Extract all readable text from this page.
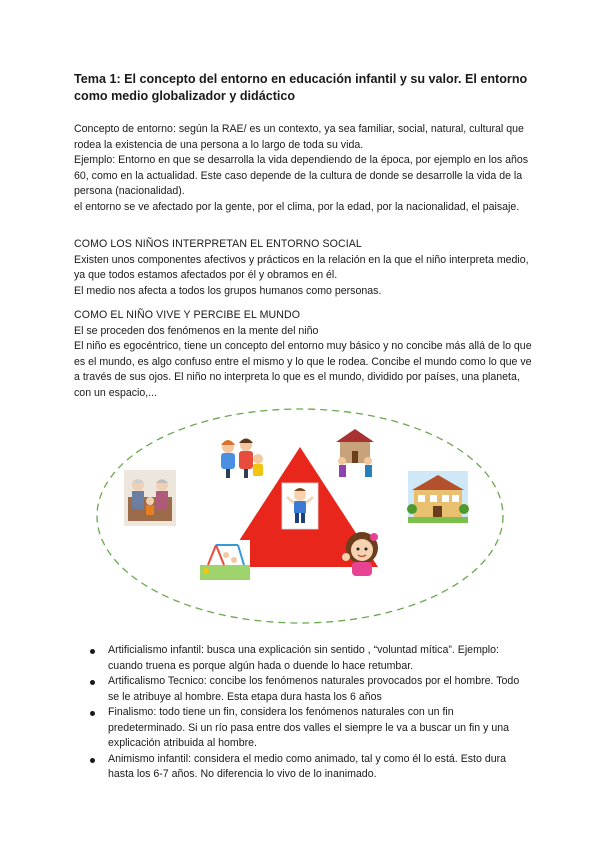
Tema 1: El concepto del entorno en educación infantil y su valor. El entorno como medio globalizador y didáctico

Concepto de entorno: según la RAE/ es un contexto, ya sea familiar, social, natural, cultural que rodea la existencia de una persona a lo largo de toda su vida.

Ejemplo: Entorno en que se desarrolla la vida dependiendo de la época, por ejemplo en los años 60, como en la actualidad. Este caso depende de la cultura de donde se desarrolle la vida de la persona (nacionalidad).

el entorno se ve afectado por la gente, por el clima, por la edad, por la nacionalidad, el paisaje.

COMO LOS NIÑOS INTERPRETAN EL ENTORNO SOCIAL

Existen unos componentes afectivos y prácticos en la relación en la que el niño interpreta medio, ya que todos estamos afectados por él y obramos en él.

El medio nos afecta a todos los grupos humanos como personas.

COMO EL NIÑO VIVE Y PERCIBE EL MUNDO

El se proceden dos fenómenos en la mente del niño

El niño es egocéntrico, tiene un concepto del entorno muy básico y no concibe más allá de lo que es el mundo, es algo confuso entre el mismo y lo que le rodea. Concibe el mundo como lo que ve a través de sus ojos. El niño no interpreta lo que es el mundo, dividido por países, una planeta, con un espacio,...

Artificialismo infantil: busca una explicación sin sentido , “voluntad mítica”. Ejemplo: cuando truena es porque algún hada o duende lo hace retumbar.
Artificalismo Tecnico: concibe los fenómenos naturales provocados por el hombre. Todo se le atribuye al hombre. Esta etapa dura hasta los 6 años
Finalismo: todo tiene un fin, considera los fenómenos naturales con un fin predeterminado. Si un río pasa entre dos valles el siempre le va a buscar un fin y una explicación atribuida al hombre.
Animismo infantil: considera el medio como animado, tal y como él lo está. Esto dura hasta los 6-7 años. No diferencia lo vivo de lo inanimado.
